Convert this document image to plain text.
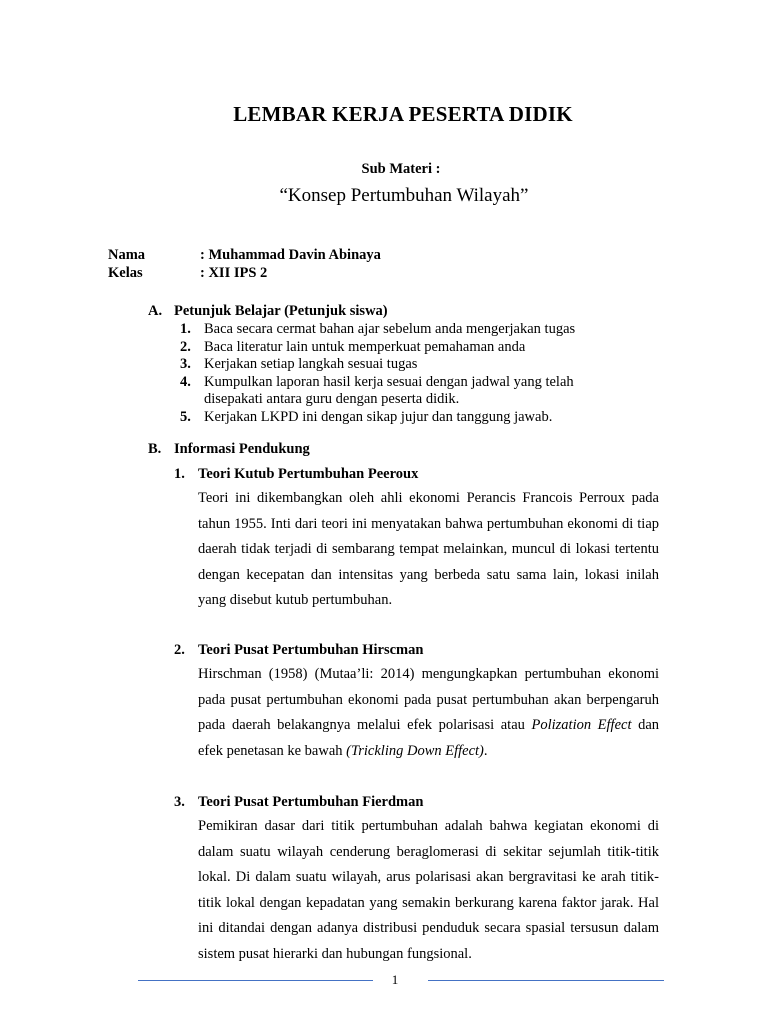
LEMBAR KERJA PESERTA DIDIK
Sub Materi :
“Konsep Pertumbuhan Wilayah”
Nama	: Muhammad Davin Abinaya
Kelas	: XII IPS 2
A. Petunjuk Belajar (Petunjuk siswa)
1. Baca secara cermat bahan ajar sebelum anda mengerjakan tugas
2. Baca literatur lain untuk memperkuat pemahaman anda
3. Kerjakan setiap langkah sesuai tugas
4. Kumpulkan laporan hasil kerja sesuai dengan jadwal yang telah disepakati antara guru dengan peserta didik.
5. Kerjakan LKPD ini dengan sikap jujur dan tanggung jawab.
B. Informasi Pendukung
1. Teori Kutub Pertumbuhan Peeroux
Teori ini dikembangkan oleh ahli ekonomi Perancis Francois Perroux pada tahun 1955. Inti dari teori ini menyatakan bahwa pertumbuhan ekonomi di tiap daerah tidak terjadi di sembarang tempat melainkan, muncul di lokasi tertentu dengan kecepatan dan intensitas yang berbeda satu sama lain, lokasi inilah yang disebut kutub pertumbuhan.
2. Teori Pusat Pertumbuhan Hirscman
Hirschman (1958) (Mutaa’li: 2014) mengungkapkan pertumbuhan ekonomi pada pusat pertumbuhan ekonomi pada pusat pertumbuhan akan berpengaruh pada daerah belakangnya melalui efek polarisasi atau Polization Effect dan efek penetasan ke bawah (Trickling Down Effect).
3. Teori Pusat Pertumbuhan Fierdman
Pemikiran dasar dari titik pertumbuhan adalah bahwa kegiatan ekonomi di dalam suatu wilayah cenderung beraglomerasi di sekitar sejumlah titik-titik lokal. Di dalam suatu wilayah, arus polarisasi akan bergravitasi ke arah titik-titik lokal dengan kepadatan yang semakin berkurang karena faktor jarak. Hal ini ditandai dengan adanya distribusi penduduk secara spasial tersusun dalam sistem pusat hierarki dan hubungan fungsional.
1
